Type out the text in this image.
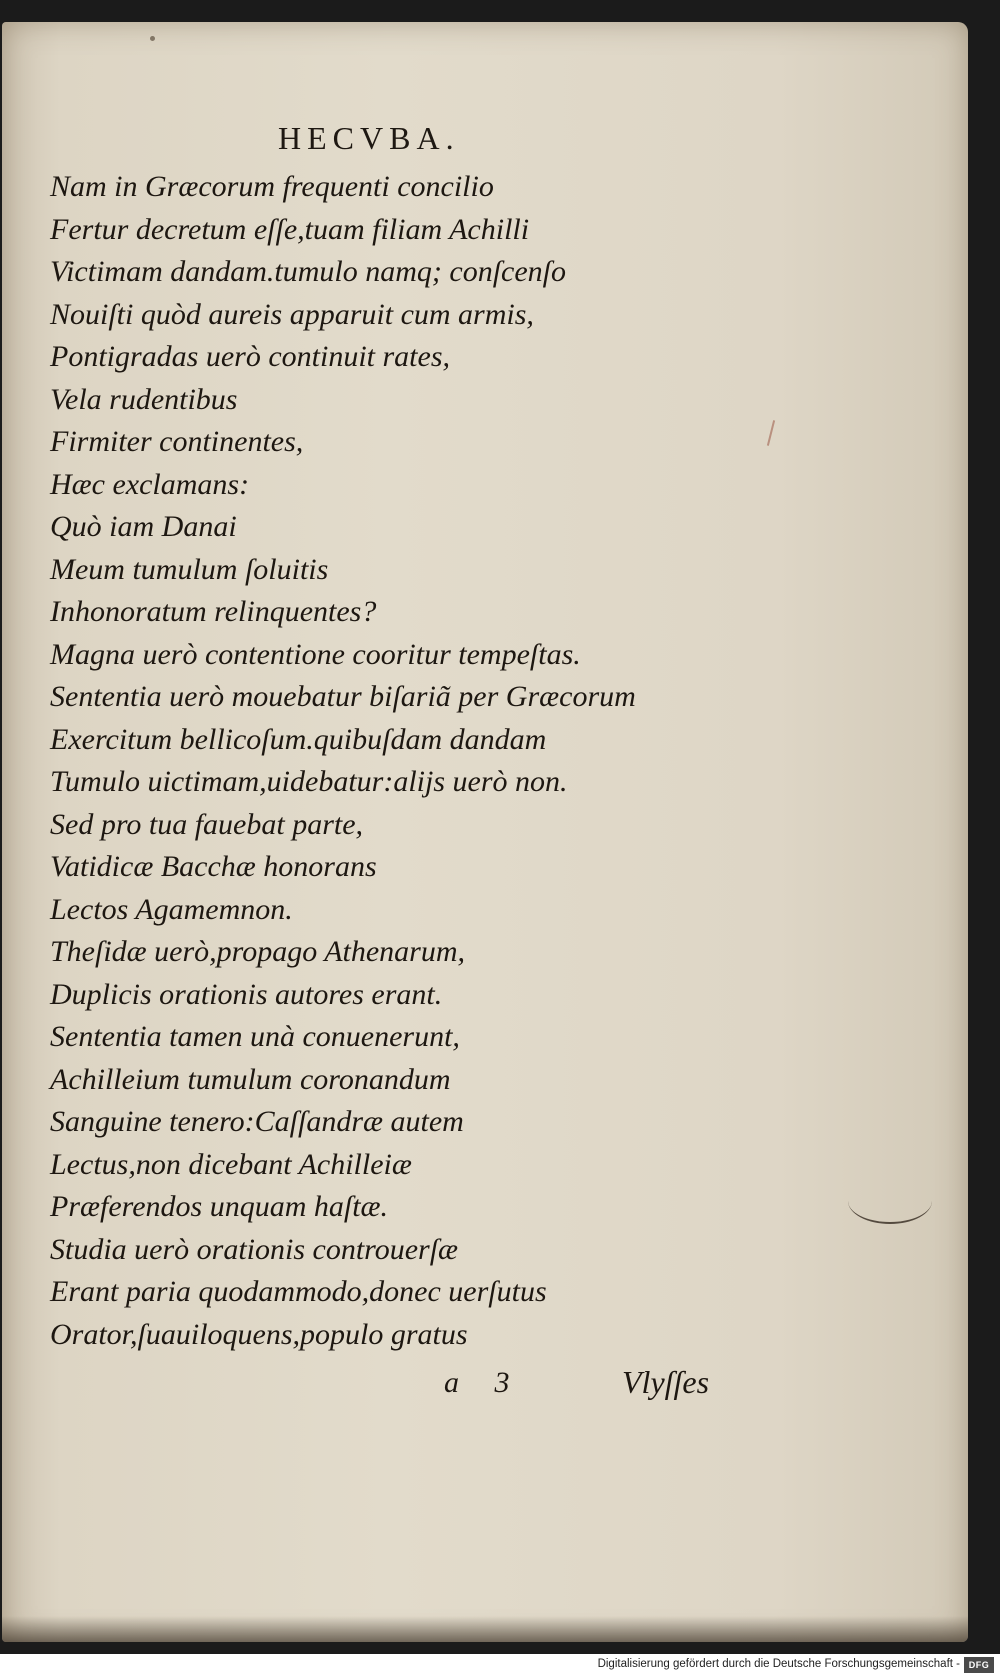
HECVBA.
Nam in Græcorum frequenti concilio
Fertur decretum eſſe,tuam filiam Achilli
Victimam dandam.tumulo namq; conſcenſo
Nouiſti quòd aureis apparuit cum armis,
Pontigradas uerò continuit rates,
Vela rudentibus
Firmiter continentes,
Hæc exclamans:
Quò iam Danai
Meum tumulum ſoluitis
Inhonoratum relinquentes?
Magna uerò contentione cooritur tempeſtas.
Sententia uerò mouebatur biſariã per Græcorum
Exercitum bellicoſum.quibuſdam dandam
Tumulo uictimam,uidebatur:alijs uerò non.
Sed pro tua fauebat parte,
Vatidicæ Bacchæ honorans
Lectos Agamemnon.
Theſidæ uerò,propago Athenarum,
Duplicis orationis autores erant.
Sententia tamen unà conuenerunt,
Achilleium tumulum coronandum
Sanguine tenero:Caſſandræ autem
Lectus,non dicebant Achilleiæ
Præferendos unquam haſtæ.
Studia uerò orationis controuerſæ
Erant paria quodammodo,donec uerſutus
Orator,ſuauiloquens,populo gratus
a 3	Vlyſſes
Digitalisierung gefördert durch die Deutsche Forschungsgemeinschaft - DFG
